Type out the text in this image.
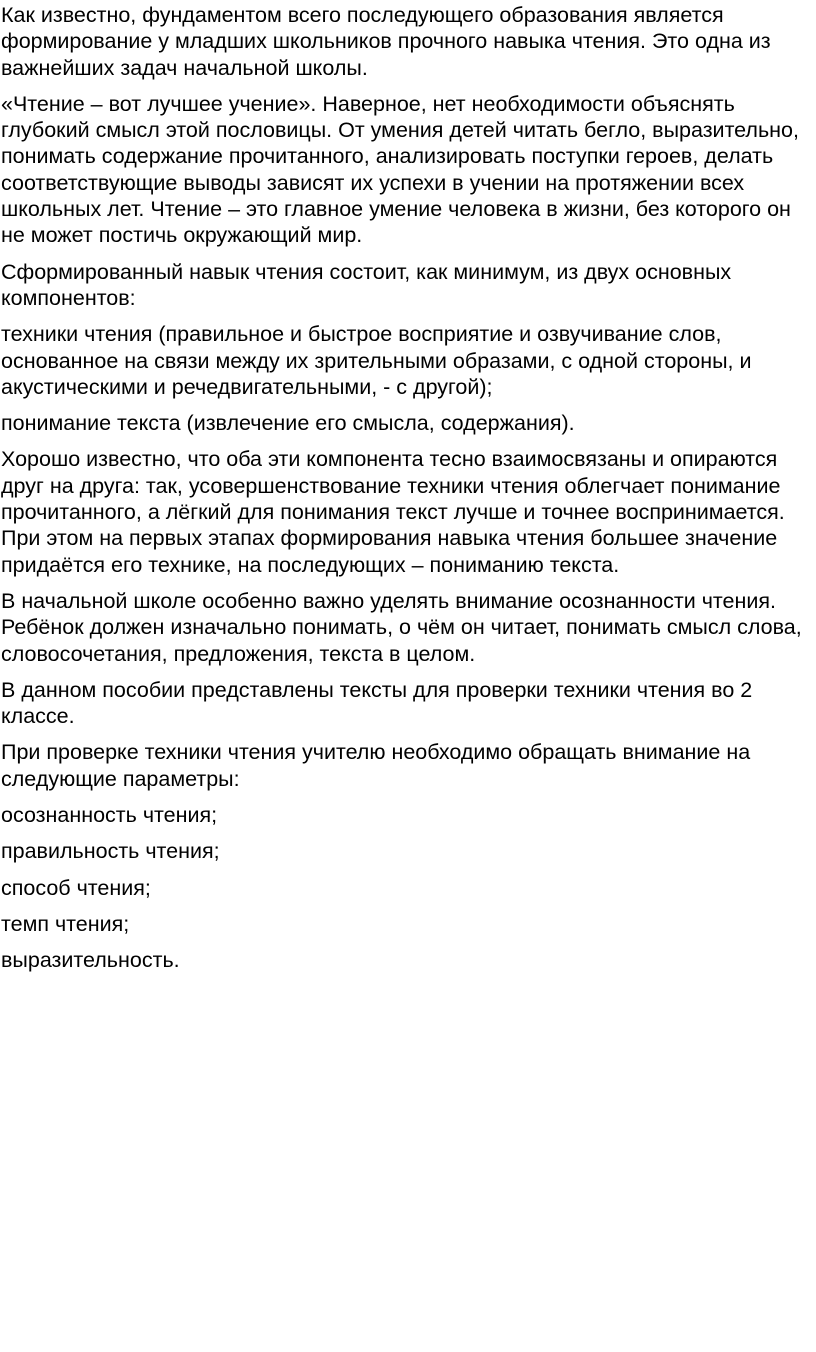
Как известно, фундаментом всего последующего образования является формирование у младших школьников прочного навыка чтения. Это одна из важнейших задач начальной школы.

«Чтение – вот лучшее учение». Наверное, нет необходимости объяснять глубокий смысл этой пословицы. От умения детей читать бегло, выразительно, понимать содержание прочитанного, анализировать поступки героев, делать соответствующие выводы зависят их успехи в учении на протяжении всех школьных лет. Чтение – это главное умение человека в жизни, без которого он не может постичь окружающий мир.

Сформированный навык чтения состоит, как минимум, из двух основных компонентов:

техники чтения (правильное и быстрое восприятие и озвучивание слов, основанное на связи между их зрительными образами, с одной стороны, и акустическими и речедвигательными, - с другой);

понимание текста (извлечение его смысла, содержания).

Хорошо известно, что оба эти компонента тесно взаимосвязаны и опираются друг на друга: так, усовершенствование техники чтения облегчает понимание прочитанного, а лёгкий для понимания текст лучше и точнее воспринимается. При этом на первых этапах формирования навыка чтения большее значение придаётся его технике, на последующих – пониманию текста.

В начальной школе особенно важно уделять внимание осознанности чтения. Ребёнок должен изначально понимать, о чём он читает, понимать смысл слова, словосочетания, предложения, текста в целом.

В данном пособии представлены тексты для проверки техники чтения во 2 классе.

При проверке техники чтения учителю необходимо обращать внимание на следующие параметры:

осознанность чтения;

правильность чтения;

способ чтения;

темп чтения;

выразительность.
